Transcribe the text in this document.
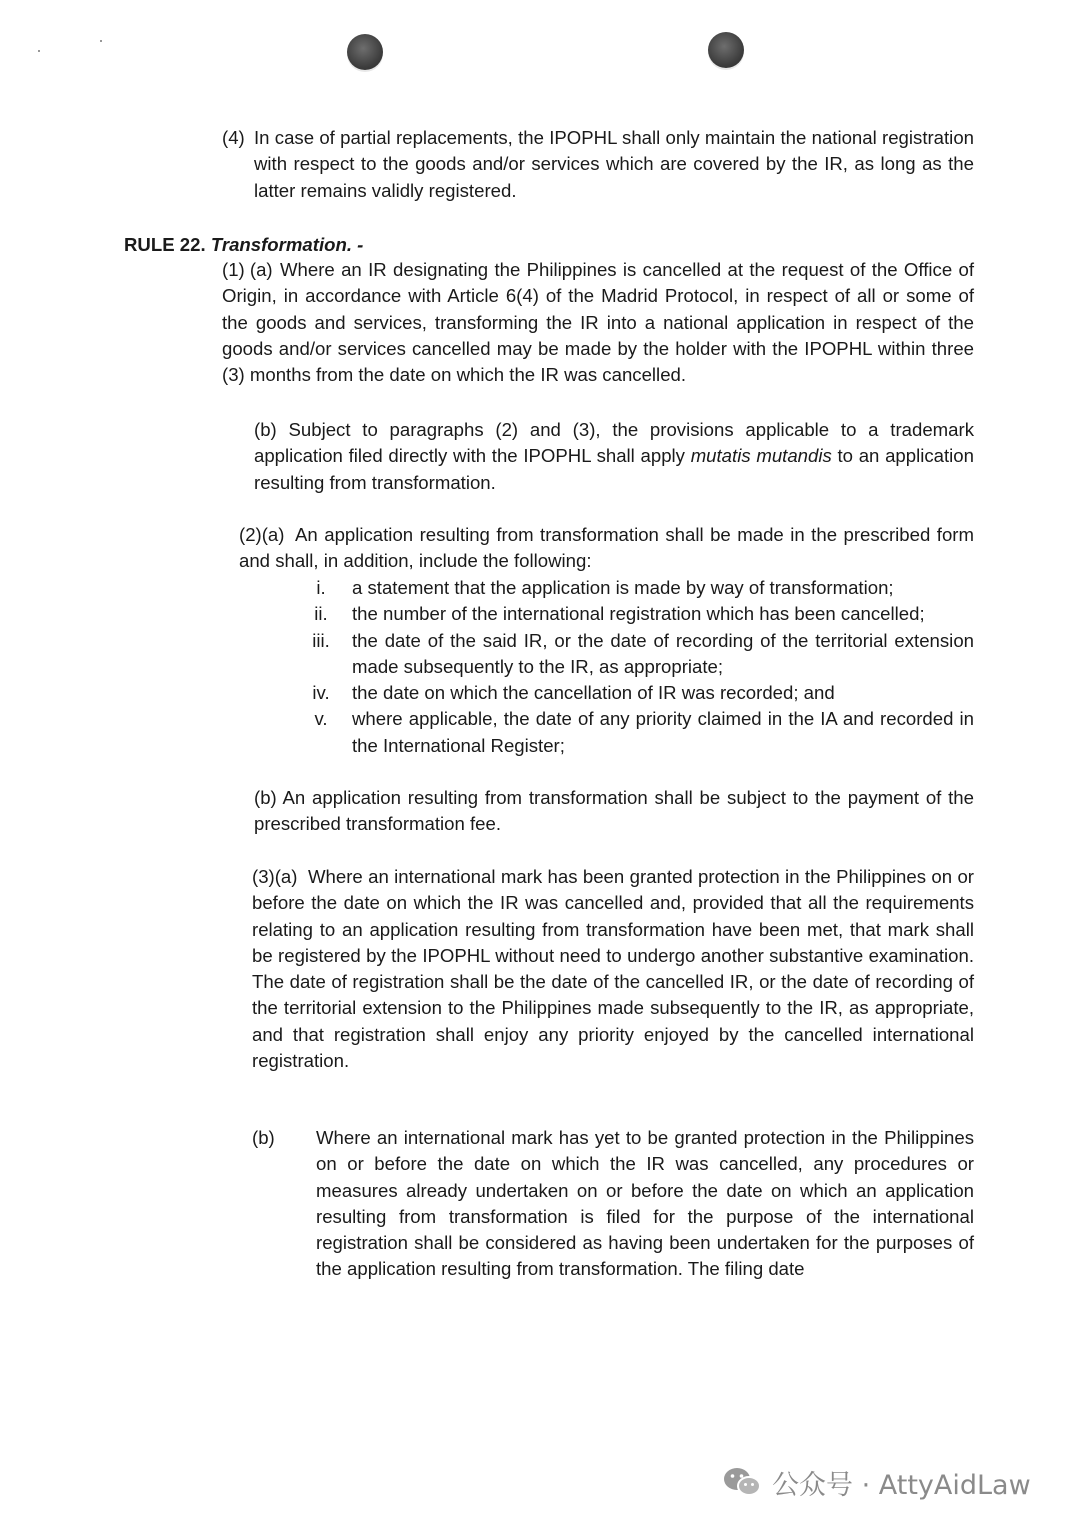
(4) In case of partial replacements, the IPOPHL shall only maintain the national registration with respect to the goods and/or services which are covered by the IR, as long as the latter remains validly registered.
RULE 22. Transformation. -
(1) (a) Where an IR designating the Philippines is cancelled at the request of the Office of Origin, in accordance with Article 6(4) of the Madrid Protocol, in respect of all or some of the goods and services, transforming the IR into a national application in respect of the goods and/or services cancelled may be made by the holder with the IPOPHL within three (3) months from the date on which the IR was cancelled.
(b) Subject to paragraphs (2) and (3), the provisions applicable to a trademark application filed directly with the IPOPHL shall apply mutatis mutandis to an application resulting from transformation.
(2)(a) An application resulting from transformation shall be made in the prescribed form and shall, in addition, include the following:
i.	a statement that the application is made by way of transformation;
ii.	the number of the international registration which has been cancelled;
iii.	the date of the said IR, or the date of recording of the territorial extension made subsequently to the IR, as appropriate;
iv.	the date on which the cancellation of IR was recorded; and
v.	where applicable, the date of any priority claimed in the IA and recorded in the International Register;
(b) An application resulting from transformation shall be subject to the payment of the prescribed transformation fee.
(3)(a) Where an international mark has been granted protection in the Philippines on or before the date on which the IR was cancelled and, provided that all the requirements relating to an application resulting from transformation have been met, that mark shall be registered by the IPOPHL without need to undergo another substantive examination. The date of registration shall be the date of the cancelled IR, or the date of recording of the territorial extension to the Philippines made subsequently to the IR, as appropriate, and that registration shall enjoy any priority enjoyed by the cancelled international registration.
(b) Where an international mark has yet to be granted protection in the Philippines on or before the date on which the IR was cancelled, any procedures or measures already undertaken on or before the date on which an application resulting from transformation is filed for the purpose of the international registration shall be considered as having been undertaken for the purposes of the application resulting from transformation. The filing date
公众号 · AttyAidLaw
